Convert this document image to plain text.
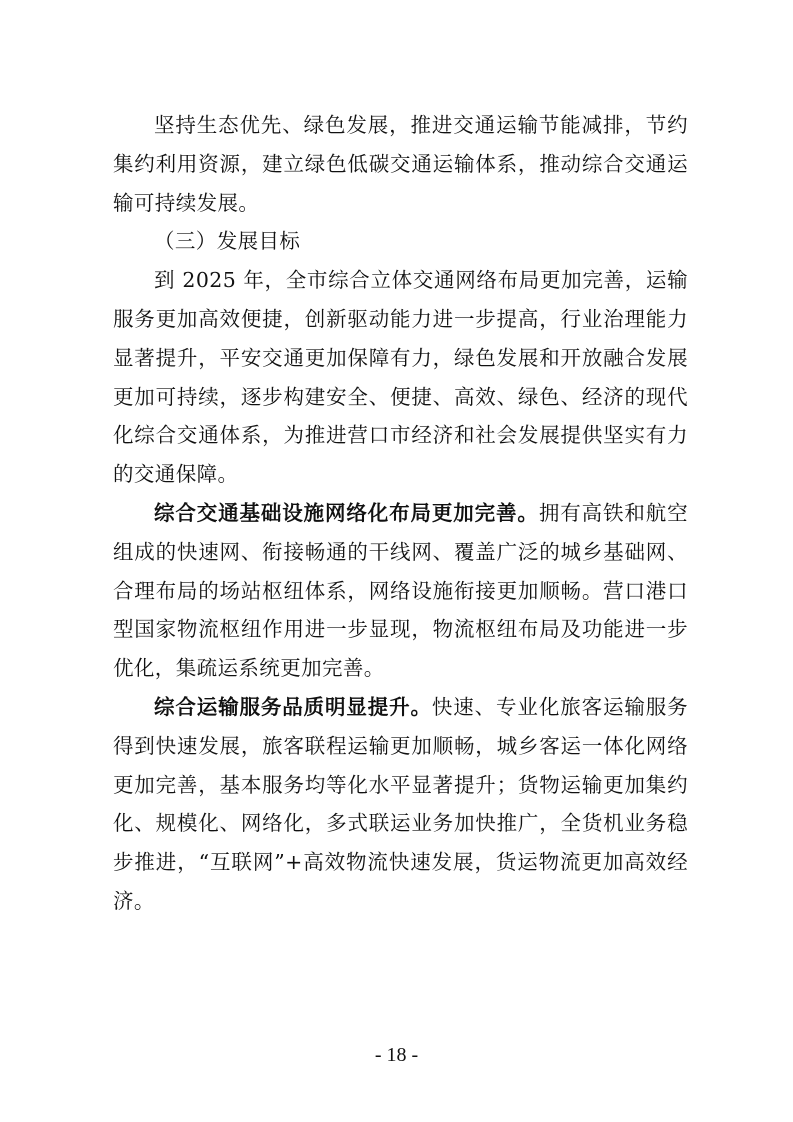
坚持生态优先、绿色发展，推进交通运输节能减排，节约集约利用资源，建立绿色低碳交通运输体系，推动综合交通运输可持续发展。

（三）发展目标

到 2025 年，全市综合立体交通网络布局更加完善，运输服务更加高效便捷，创新驱动能力进一步提高，行业治理能力显著提升，平安交通更加保障有力，绿色发展和开放融合发展更加可持续，逐步构建安全、便捷、高效、绿色、经济的现代化综合交通体系，为推进营口市经济和社会发展提供坚实有力的交通保障。

综合交通基础设施网络化布局更加完善。拥有高铁和航空组成的快速网、衔接畅通的干线网、覆盖广泛的城乡基础网、合理布局的场站枢纽体系，网络设施衔接更加顺畅。营口港口型国家物流枢纽作用进一步显现，物流枢纽布局及功能进一步优化，集疏运系统更加完善。

综合运输服务品质明显提升。快速、专业化旅客运输服务得到快速发展，旅客联程运输更加顺畅，城乡客运一体化网络更加完善，基本服务均等化水平显著提升；货物运输更加集约化、规模化、网络化，多式联运业务加快推广，全货机业务稳步推进，“互联网”+高效物流快速发展，货运物流更加高效经济。

- 18 -
